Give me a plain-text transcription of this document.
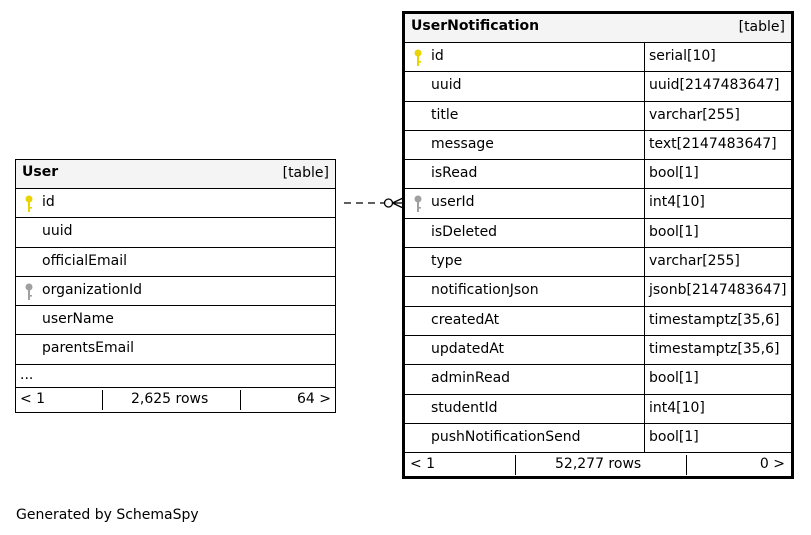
User	[table]
id
uuid
officialEmail
organizationId
userName
parentsEmail
...
< 1	2,625 rows	64 >
UserNotification	[table]
id	serial[10]
uuid	uuid[2147483647]
title	varchar[255]
message	text[2147483647]
isRead	bool[1]
userId	int4[10]
isDeleted	bool[1]
type	varchar[255]
notificationJson	jsonb[2147483647]
createdAt	timestamptz[35,6]
updatedAt	timestamptz[35,6]
adminRead	bool[1]
studentId	int4[10]
pushNotificationSend	bool[1]
< 1	52,277 rows	0 >
Generated by SchemaSpy
